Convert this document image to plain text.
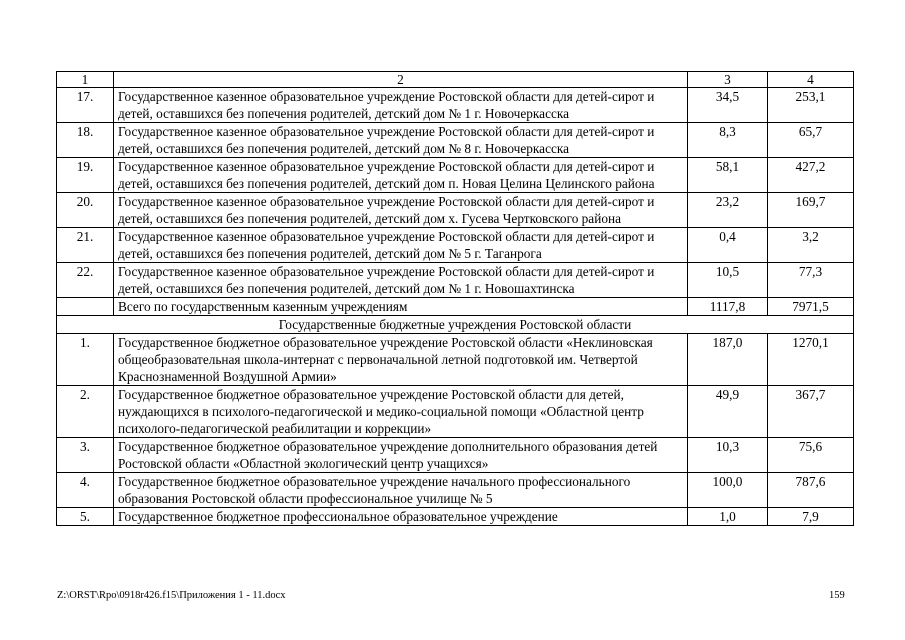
1	2	3	4
17.	Государственное казенное образовательное учреждение Ростовской области для детей-сирот и детей, оставшихся без попечения родителей, детский дом № 1 г. Новочеркасска	34,5	253,1
18.	Государственное казенное образовательное учреждение Ростовской области для детей-сирот и детей, оставшихся без попечения родителей, детский дом № 8 г. Новочеркасска	8,3	65,7
19.	Государственное казенное образовательное учреждение Ростовской области для детей-сирот и детей, оставшихся без попечения родителей, детский дом п. Новая Целина Целинского района	58,1	427,2
20.	Государственное казенное образовательное учреждение Ростовской области для детей-сирот и детей, оставшихся без попечения родителей, детский дом х. Гусева Чертковского района	23,2	169,7
21.	Государственное казенное образовательное учреждение Ростовской области для детей-сирот и детей, оставшихся без попечения родителей, детский дом № 5 г. Таганрога	0,4	3,2
22.	Государственное казенное образовательное учреждение Ростовской области для детей-сирот и детей, оставшихся без попечения родителей, детский дом № 1 г. Новошахтинска	10,5	77,3
	Всего по государственным казенным учреждениям	1117,8	7971,5
Государственные бюджетные учреждения Ростовской области			
1.	Государственное бюджетное образовательное учреждение Ростовской области «Неклиновская общеобразовательная школа-интернат с первоначальной летной подготовкой им. Четвертой Краснознаменной Воздушной Армии»	187,0	1270,1
2.	Государственное бюджетное образовательное учреждение Ростовской области для детей, нуждающихся в психолого-педагогической и медико-социальной помощи «Областной центр психолого-педагогической реабилитации и коррекции»	49,9	367,7
3.	Государственное бюджетное образовательное учреждение дополнительного образования детей Ростовской области «Областной экологический центр учащихся»	10,3	75,6
4.	Государственное бюджетное образовательное учреждение начального профессионального образования Ростовской области профессиональное училище № 5	100,0	787,6
5.	Государственное бюджетное профессиональное образовательное учреждение	1,0	7,9
Z:\ORST\Rpo\0918r426.f15\Приложения 1 - 11.docx	159
